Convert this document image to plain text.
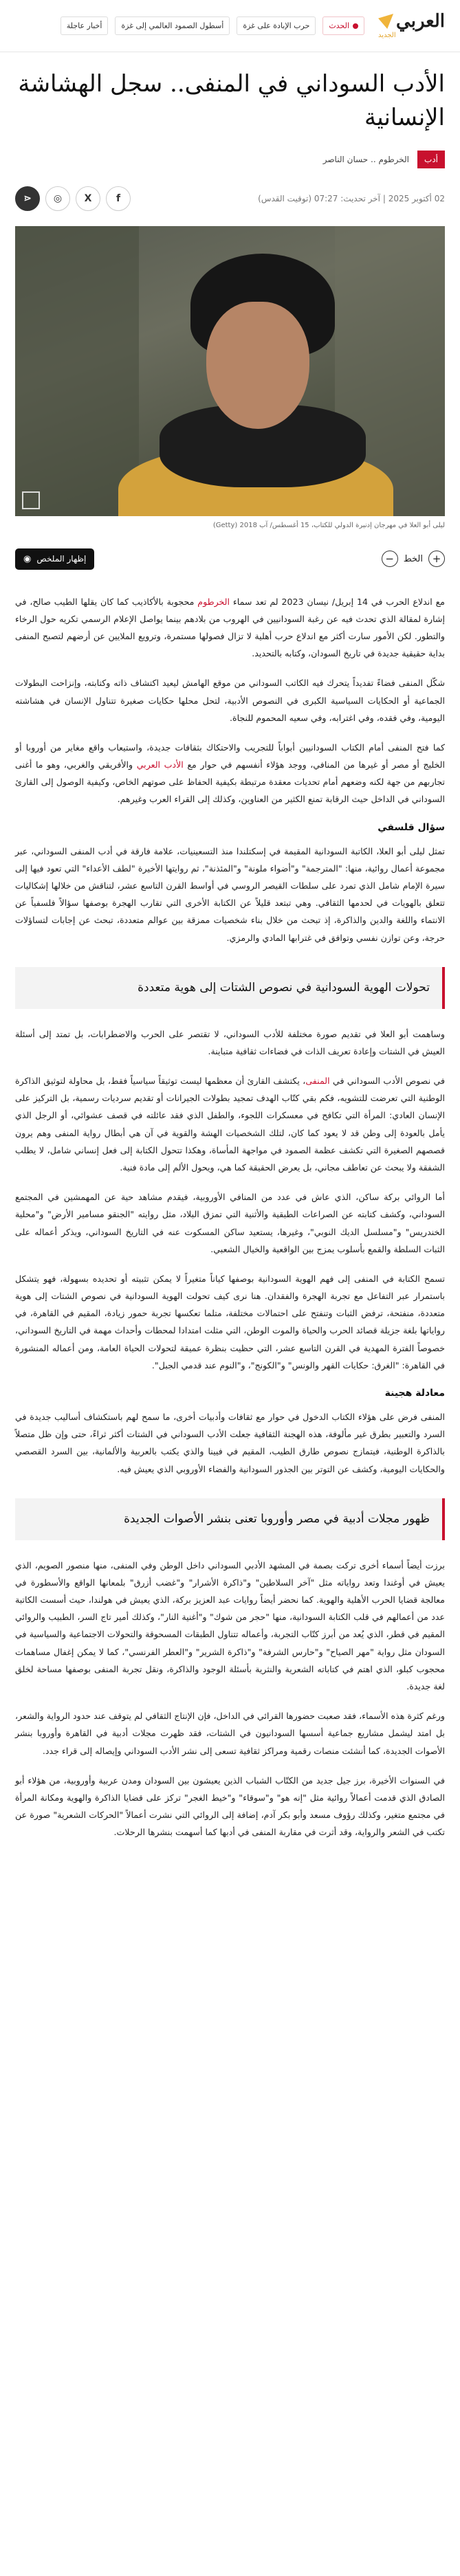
العربي
الجديد
الحدث
حرب الإبادة على غزة
أسطول الصمود العالمي إلى غزة
أخبار عاجلة
الأدب السوداني في المنفى.. سجل الهشاشة الإنسانية
أدب
الخرطوم .. حسان الناصر
02 أكتوبر 2025 | آخر تحديث: 07:27 (توقيت القدس)
f
X
◎
⋖
ليلى أبو العلا في مهرجان إدنبرة الدولي للكتاب، 15 أغسطس/ آب 2018 (Getty)
+
الخط
−
إظهار الملخص
◉

مع اندلاع الحرب في 14 إبريل/ نيسان 2023 لم تعد سماء الخرطوم محجوبة بالأكاذيب كما كان يقلها الطيب صالح، في إشارة لمقالة الذي تحدث فيه عن رغبة السودانيين في الهروب من بلادهم بينما يواصل الإعلام الرسمي تكريه حول الرخاء والتطور. لكن الأمور سارت أكثر مع اندلاع حرب أهلية لا تزال فصولها مستمرة، وترويع الملايين عن أرضهم لتصبح المنفى بداية حقيقية جديدة في تاريخ السودان، وكتابه بالتحديد.

شكّل المنفى فضاءً تفديداً يتحرك فيه الكاتب السوداني من موقع الهامش ليعيد اكتشاف ذاته وكتابته، وإنزاحت البطولات الجماعية أو الحكايات السياسية الكبرى في النصوص الأدبية، لتحل محلها حكايات صغيرة تتناول الإنسان في هشاشته اليومية، وفي فقده، وفي اغترابه، وفي سعيه المحموم للنجاة.

كما فتح المنفى أمام الكتاب السودانيين أبواباً للتجريب والاحتكاك بثقافات جديدة، واستيعاب واقع مغاير من أوروبا أو الخليج أو مصر أو غيرها من المنافي، ووجد هؤلاء أنفسهم في حوار مع الأدب العربي والأفريقي والغربي، وهو ما أغنى تجاربهم من جهة لكنه وضعهم أمام تحديات معقدة مرتبطة بكيفية الحفاظ على صوتهم الخاص، وكيفية الوصول إلى القارئ السوداني في الداخل حيث الرقابة تمنع الكثير من العناوين، وكذلك إلى القراء العرب وغيرهم.

سؤال قلسفي

تمثل ليلى أبو العلا، الكاتبة السودانية المقيمة في إسكتلندا منذ التسعينيات، علامة فارقة في أدب المنفى السوداني، عبر مجموعة أعمال روائية، منها: "المترجمة" و"أضواء ملونة" و"المئذنة"، ثم روايتها الأخيرة "لطف الأعداء" التي تعود فيها إلى سيرة الإمام شامل الذي تمرد على سلطات القيصر الروسي في أواسط القرن التاسع عشر، لتناقش من خلالها إشكاليات تتعلق بالهويات في لحدمها الثقافي. وهي تبتعد قليلاً عن الكتابة الأخرى التي تقارب الهجرة بوصفها سؤالاً فلسفياً عن الانتماء واللغة والدين والذاكرة، إذ تبحث من خلال بناء شخصيات ممزقة بين عوالم متعددة، تبحث عن إجابات لتساؤلات حرجة، وعن توازن نفسي وتوافق في غترابها المادي والرمزي.

تحولات الهوية السودانية في نصوص الشتات إلى هوية متعددة

وساهمت أبو العلا في تقديم صورة مختلفة للأدب السوداني، لا تقتصر على الحرب والاضطرابات، بل تمتد إلى أسئلة العيش في الشتات وإعادة تعريف الذات في فضاءات ثقافية متباينة.

في نصوص الأدب السوداني في المنفى، يكتشف القارئ أن معظمها ليست توثيقاً سياسياً فقط، بل محاولة لتوثيق الذاكرة الوطنية التي تعرضت للتشويه، فكم بقي كتّاب الهدف تمجيد بطولات الجيرانات أو تقديم سرديات رسمية، بل التركيز على الإنسان العادي: المرأة التي تكافح في معسكرات اللجوء، والطفل الذي فقد عائلته في قصف عشوائي، أو الرجل الذي يأمل بالعودة إلى وطن قد لا يعود كما كان، لتلك الشخصيات الهشة والقوية في آن هي أبطال رواية المنفى وهم يرون قصصهم الصغيرة التي تكشف عظمة الصمود في مواجهة المأساة، وهكذا تتحول الكتابة إلى فعل إنساني شامل، لا يطلب الشفقة ولا يبحث عن تعاطف مجاني، بل يعرض الحقيقة كما هي، ويحول الألم إلى مادة فنية.

أما الروائي بركة ساكن، الذي عاش في عدد من المنافي الأوروبية، فيقدم مشاهد حية عن المهمشين في المجتمع السوداني، وكشف كتابته عن الصراعات الطبقية والأثنية التي تمزق البلاد، مثل روايته "الجنقو مسامير الأرض" و"محلية الخندريس" و"مسلسل الديك النوبي"، وغيرها، يستعيد ساكن المسكوت عنه في التاريخ السوداني، ويذكر أعماله على الثبات السلطة والقمع بأسلوب يمزج بين الواقعية والخيال الشعبي.

تسمح الكتابة في المنفى إلى فهم الهوية السودانية بوصفها كياناً متغيراً لا يمكن تثبيته أو تحديده بسهولة، فهو يتشكل باستمرار عبر التفاعل مع تجربة الهجرة والفقدان. هنا نرى كيف تحولت الهوية السودانية في نصوص الشتات إلى هوية متعددة، منفتحة، ترفض الثبات وتنفتح على احتمالات مختلفة، متلما تعكسها تجربة حمور زيادة، المقيم في القاهرة، في رواياتها بلغة جزيلة قصائد الحرب والحياة والموت الوطن، التي مثلت امتدادا لمحطات وأحداث مهمة في التاريخ السوداني، خصوصاً الفترة المهدية في القرن التاسع عشر، التي حظيت بنظرة عميقة لتحولات الحياة العامة، ومن أعماله المنشورة في القاهرة: "الغرق: حكايات القهر والونس" و"الكونج"، و"النوم عند قدمي الجبل".

معادلة هجينة

المنفى فرض على هؤلاء الكتاب الدخول في حوار مع ثقافات وأدبيات أخرى، ما سمح لهم باستكشاف أساليب جديدة في السرد والتعبير بطرق غير مألوفة، هذه الهجنة الثقافية جعلت الأدب السوداني في الشتات أكثر ثراءً، حتى وإن ظل متصلاً بالذاكرة الوطنية، فيتمازج نصوص طارق الطيب، المقيم في فيينا والذي يكتب بالعربية والألمانية، بين السرد القصصي والحكايات اليومية، وكشف عن التوتر بين الجذور السودانية والفضاء الأوروبي الذي يعيش فيه.

ظهور مجلات أدبية في مصر وأوروبا تعنى بنشر الأصوات الجديدة

برزت أيضاً أسماء أخرى تركت بصمة في المشهد الأدبي السوداني داخل الوطن وفي المنفى، منها منصور الصويم، الذي يعيش في أوغندا وتعد رواياته مثل "آخر السلاطين" و"ذاكرة الأشرار" و"غضب أزرق" بلمعانها الواقع والأسطورة في معالجة قضايا الحرب الأهلية والهوية. كما نحضر أيضاً روايات عبد العزيز بركة، الذي يعيش في هولندا، حيث أسست الكاتبة عدد من أعمالهم في قلب الكتابة السودانية، منها "حجر من شوك" و"أغنية النار"، وكذلك أمير تاج السر، الطبيب والروائي المقيم في قطر، الذي يُعد من أبرز كتّاب التجربة، وأعماله تتناول الطبقات المسحوقة والتحولات الاجتماعية والسياسية في السودان مثل رواية "مهر الصياح" و"حارس الشرفة" و"ذاكرة الشرير" و"العطر الفرنسي"، كما لا يمكن إغفال مساهمات محجوب كبلو، الذي اهتم في كتاباته الشعرية والنثرية بأسئلة الوجود والذاكرة، ونقل تجربة المنفى بوصفها مساحة لخلق لغة جديدة.

ورغم كثرة هذه الأسماء، فقد صعبت حضورها القرائي في الداخل، فإن الإنتاج الثقافي لم يتوقف عند حدود الرواية والشعر، بل امتد ليشمل مشاريع جماعية أسسها السودانيون في الشتات، فقد ظهرت مجلات أدبية في القاهرة وأوروبا بنشر الأصوات الجديدة، كما أنشئت منصات رقمية ومراكز ثقافية تسعى إلى نشر الأدب السوداني وإيصاله إلى قراء جدد.

في السنوات الأخيرة، برز جيل جديد من الكتّاب الشباب الذين يعيشون بين السودان ومدن عربية وأوروبية، من هؤلاء أبو الصادق الذي قدمت أعمالاً روائية مثل "إنه هو" و"سوقاء" و"خيط الغجر" تركز على قضايا الذاكرة والهوية ومكانة المرأة في مجتمع متغير، وكذلك رؤوف مسعد وأبو بكر آدم، إضافة إلى الروائي التي نشرت أعمالاً "الحركات الشعرية" صورة عن تكتب في الشعر والرواية، وقد أثرت في مقاربة المنفى في أدبها كما أسهمت بنشرها الرحلات.
